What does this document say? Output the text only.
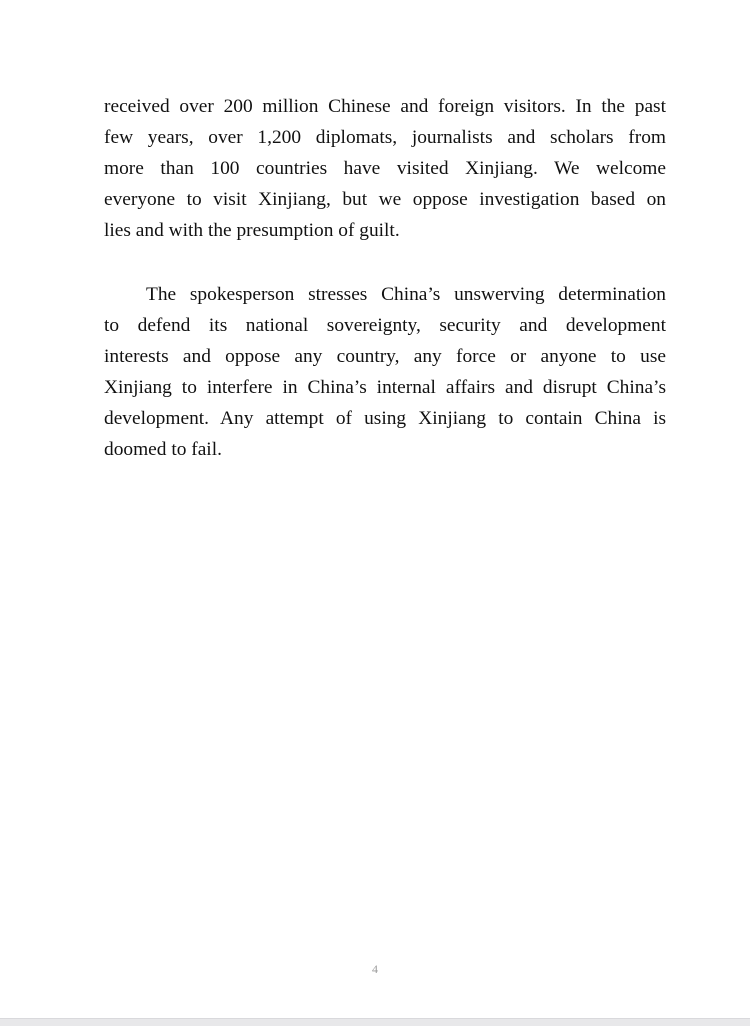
received over 200 million Chinese and foreign visitors. In the past
few years, over 1,200 diplomats, journalists and scholars from
more than 100 countries have visited Xinjiang. We welcome
everyone to visit Xinjiang, but we oppose investigation based on
lies and with the presumption of guilt.
The spokesperson stresses China’s unswerving determination
to defend its national sovereignty, security and development
interests and oppose any country, any force or anyone to use
Xinjiang to interfere in China’s internal affairs and disrupt China’s
development. Any attempt of using Xinjiang to contain China is
doomed to fail.
4
